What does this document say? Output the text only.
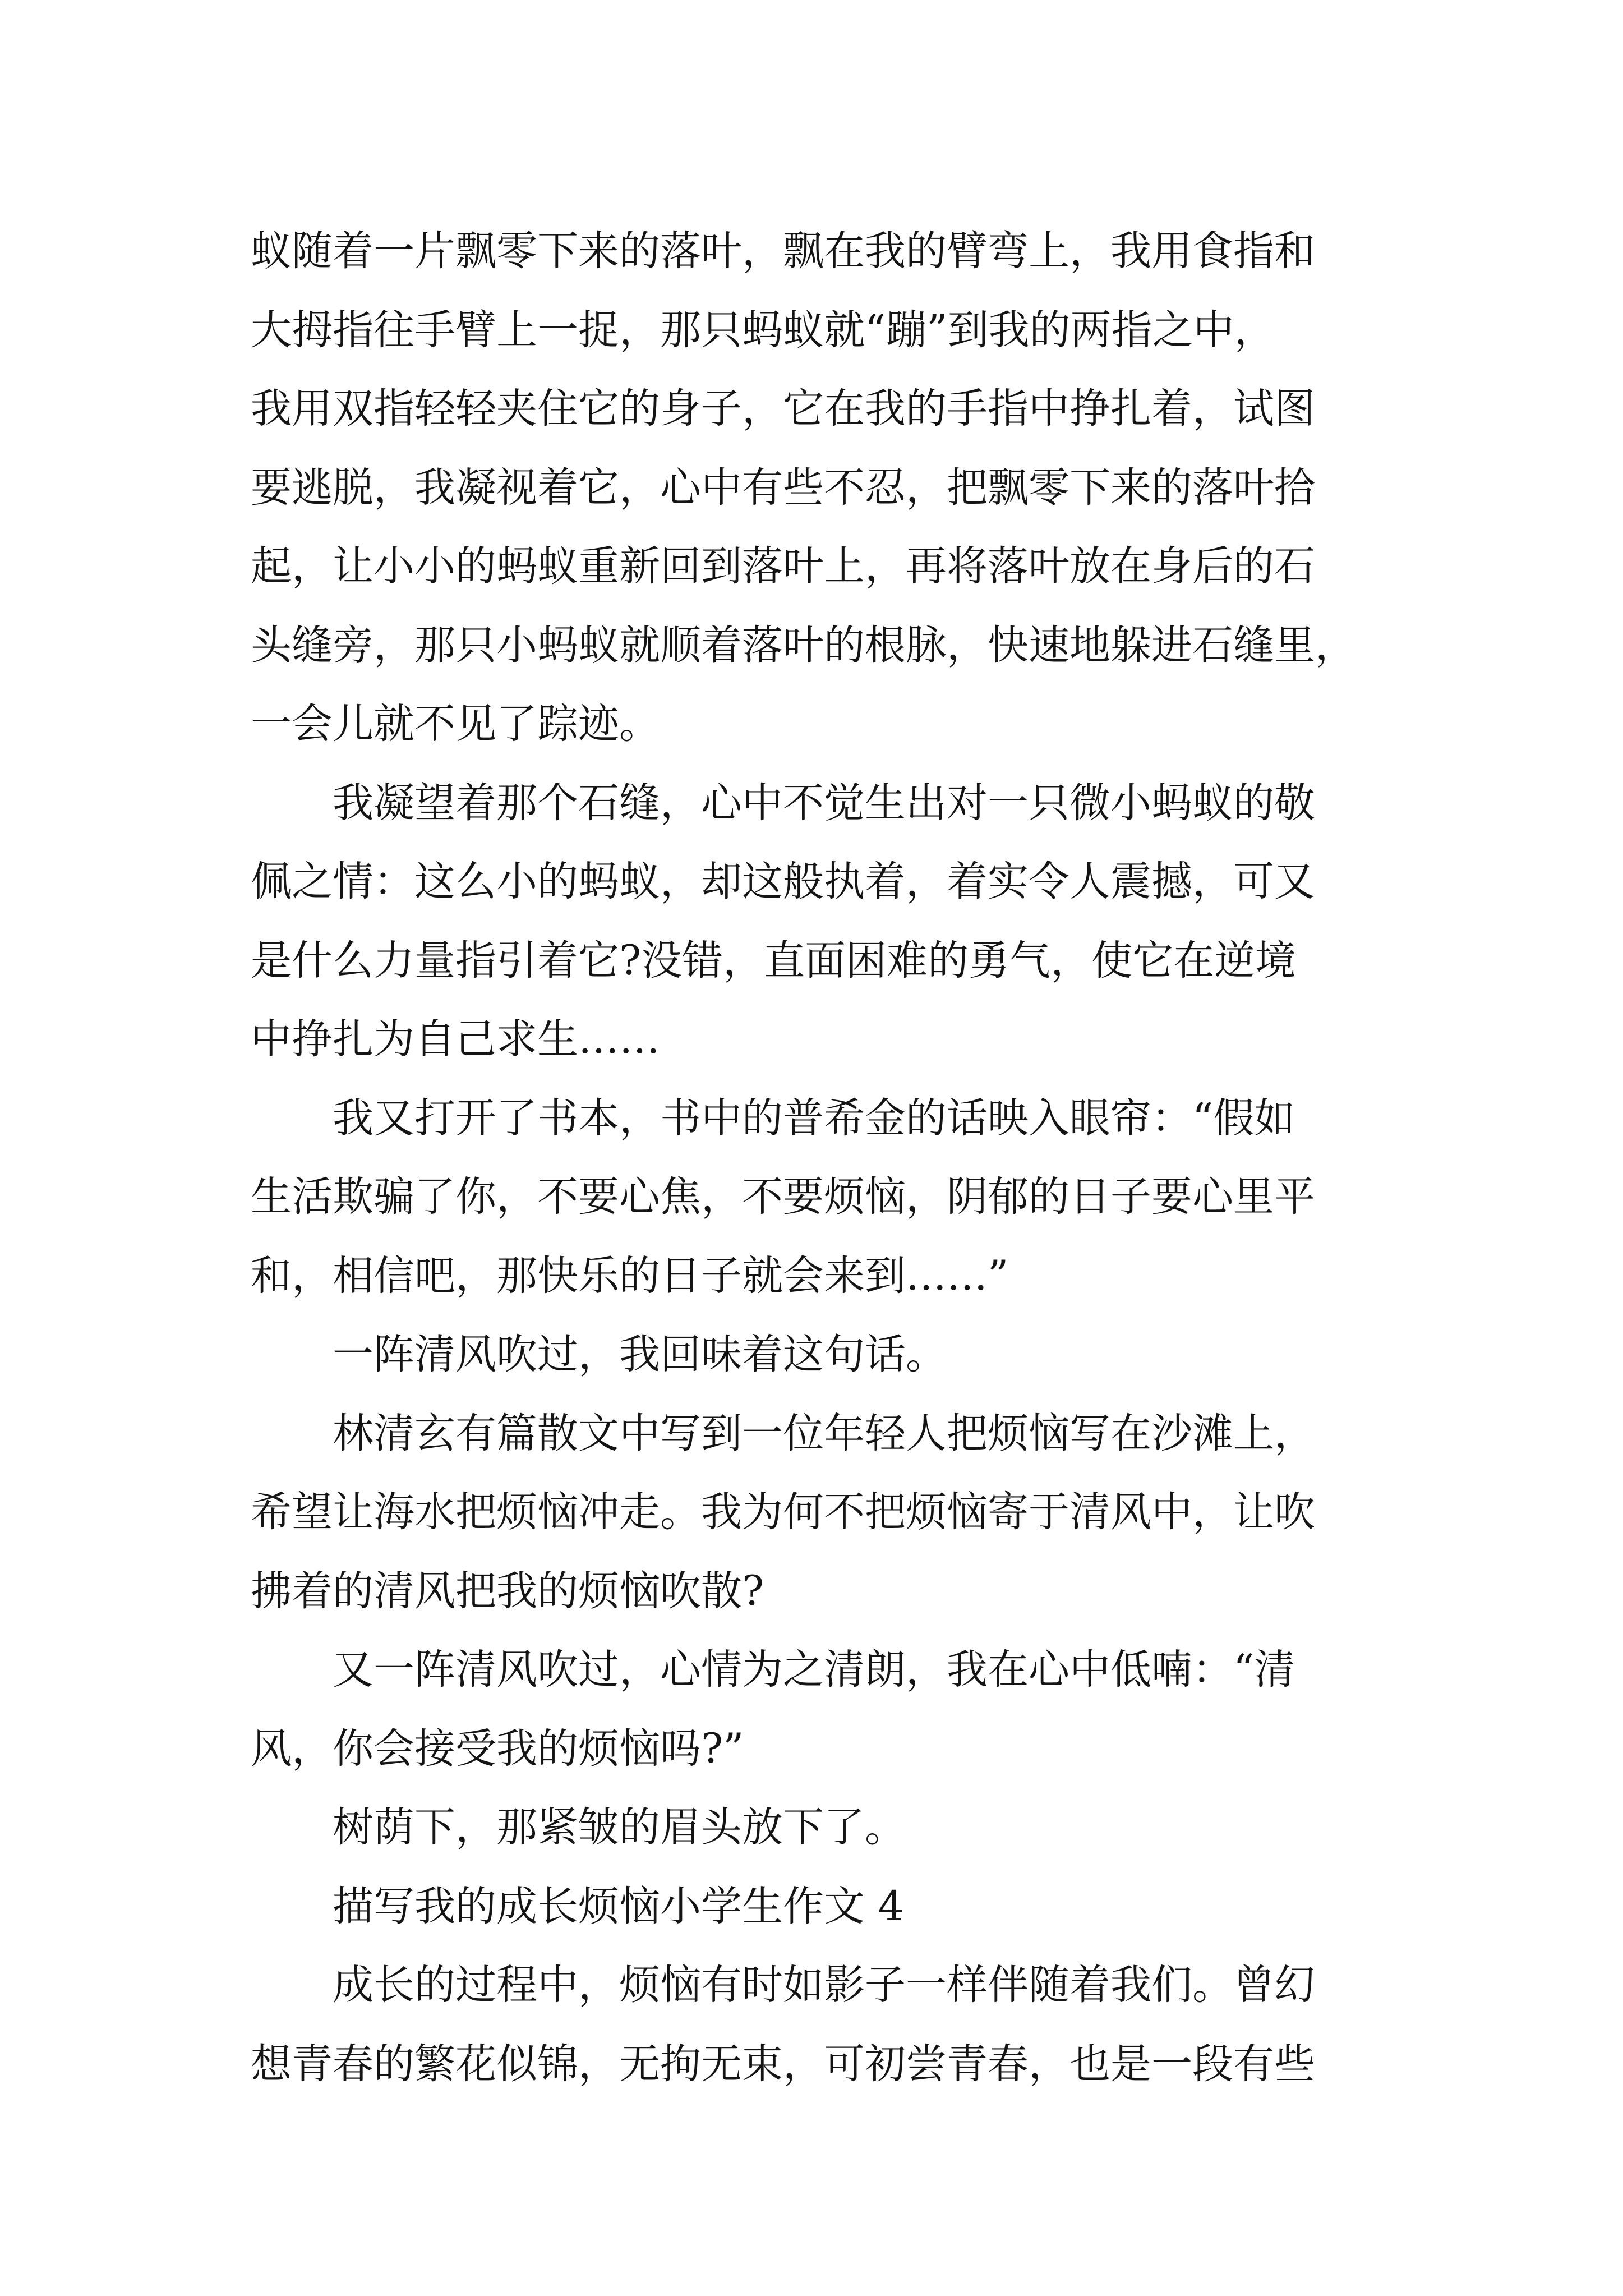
蚁随着一片飘零下来的落叶，飘在我的臂弯上，我用食指和
大拇指往手臂上一捉，那只蚂蚁就“蹦”到我的两指之中，
我用双指轻轻夹住它的身子，它在我的手指中挣扎着，试图
要逃脱，我凝视着它，心中有些不忍，把飘零下来的落叶拾
起，让小小的蚂蚁重新回到落叶上，再将落叶放在身后的石
头缝旁，那只小蚂蚁就顺着落叶的根脉，快速地躲进石缝里，
一会儿就不见了踪迹。
我凝望着那个石缝，心中不觉生出对一只微小蚂蚁的敬
佩之情：这么小的蚂蚁，却这般执着，着实令人震撼，可又
是什么力量指引着它?没错，直面困难的勇气，使它在逆境
中挣扎为自己求生……
我又打开了书本，书中的普希金的话映入眼帘：“假如
生活欺骗了你，不要心焦，不要烦恼，阴郁的日子要心里平
和，相信吧，那快乐的日子就会来到……”
一阵清风吹过，我回味着这句话。
林清玄有篇散文中写到一位年轻人把烦恼写在沙滩上，
希望让海水把烦恼冲走。我为何不把烦恼寄于清风中，让吹
拂着的清风把我的烦恼吹散?
又一阵清风吹过，心情为之清朗，我在心中低喃：“清
风，你会接受我的烦恼吗?”
树荫下，那紧皱的眉头放下了。
描写我的成长烦恼小学生作文 4
成长的过程中，烦恼有时如影子一样伴随着我们。曾幻
想青春的繁花似锦，无拘无束，可初尝青春，也是一段有些
